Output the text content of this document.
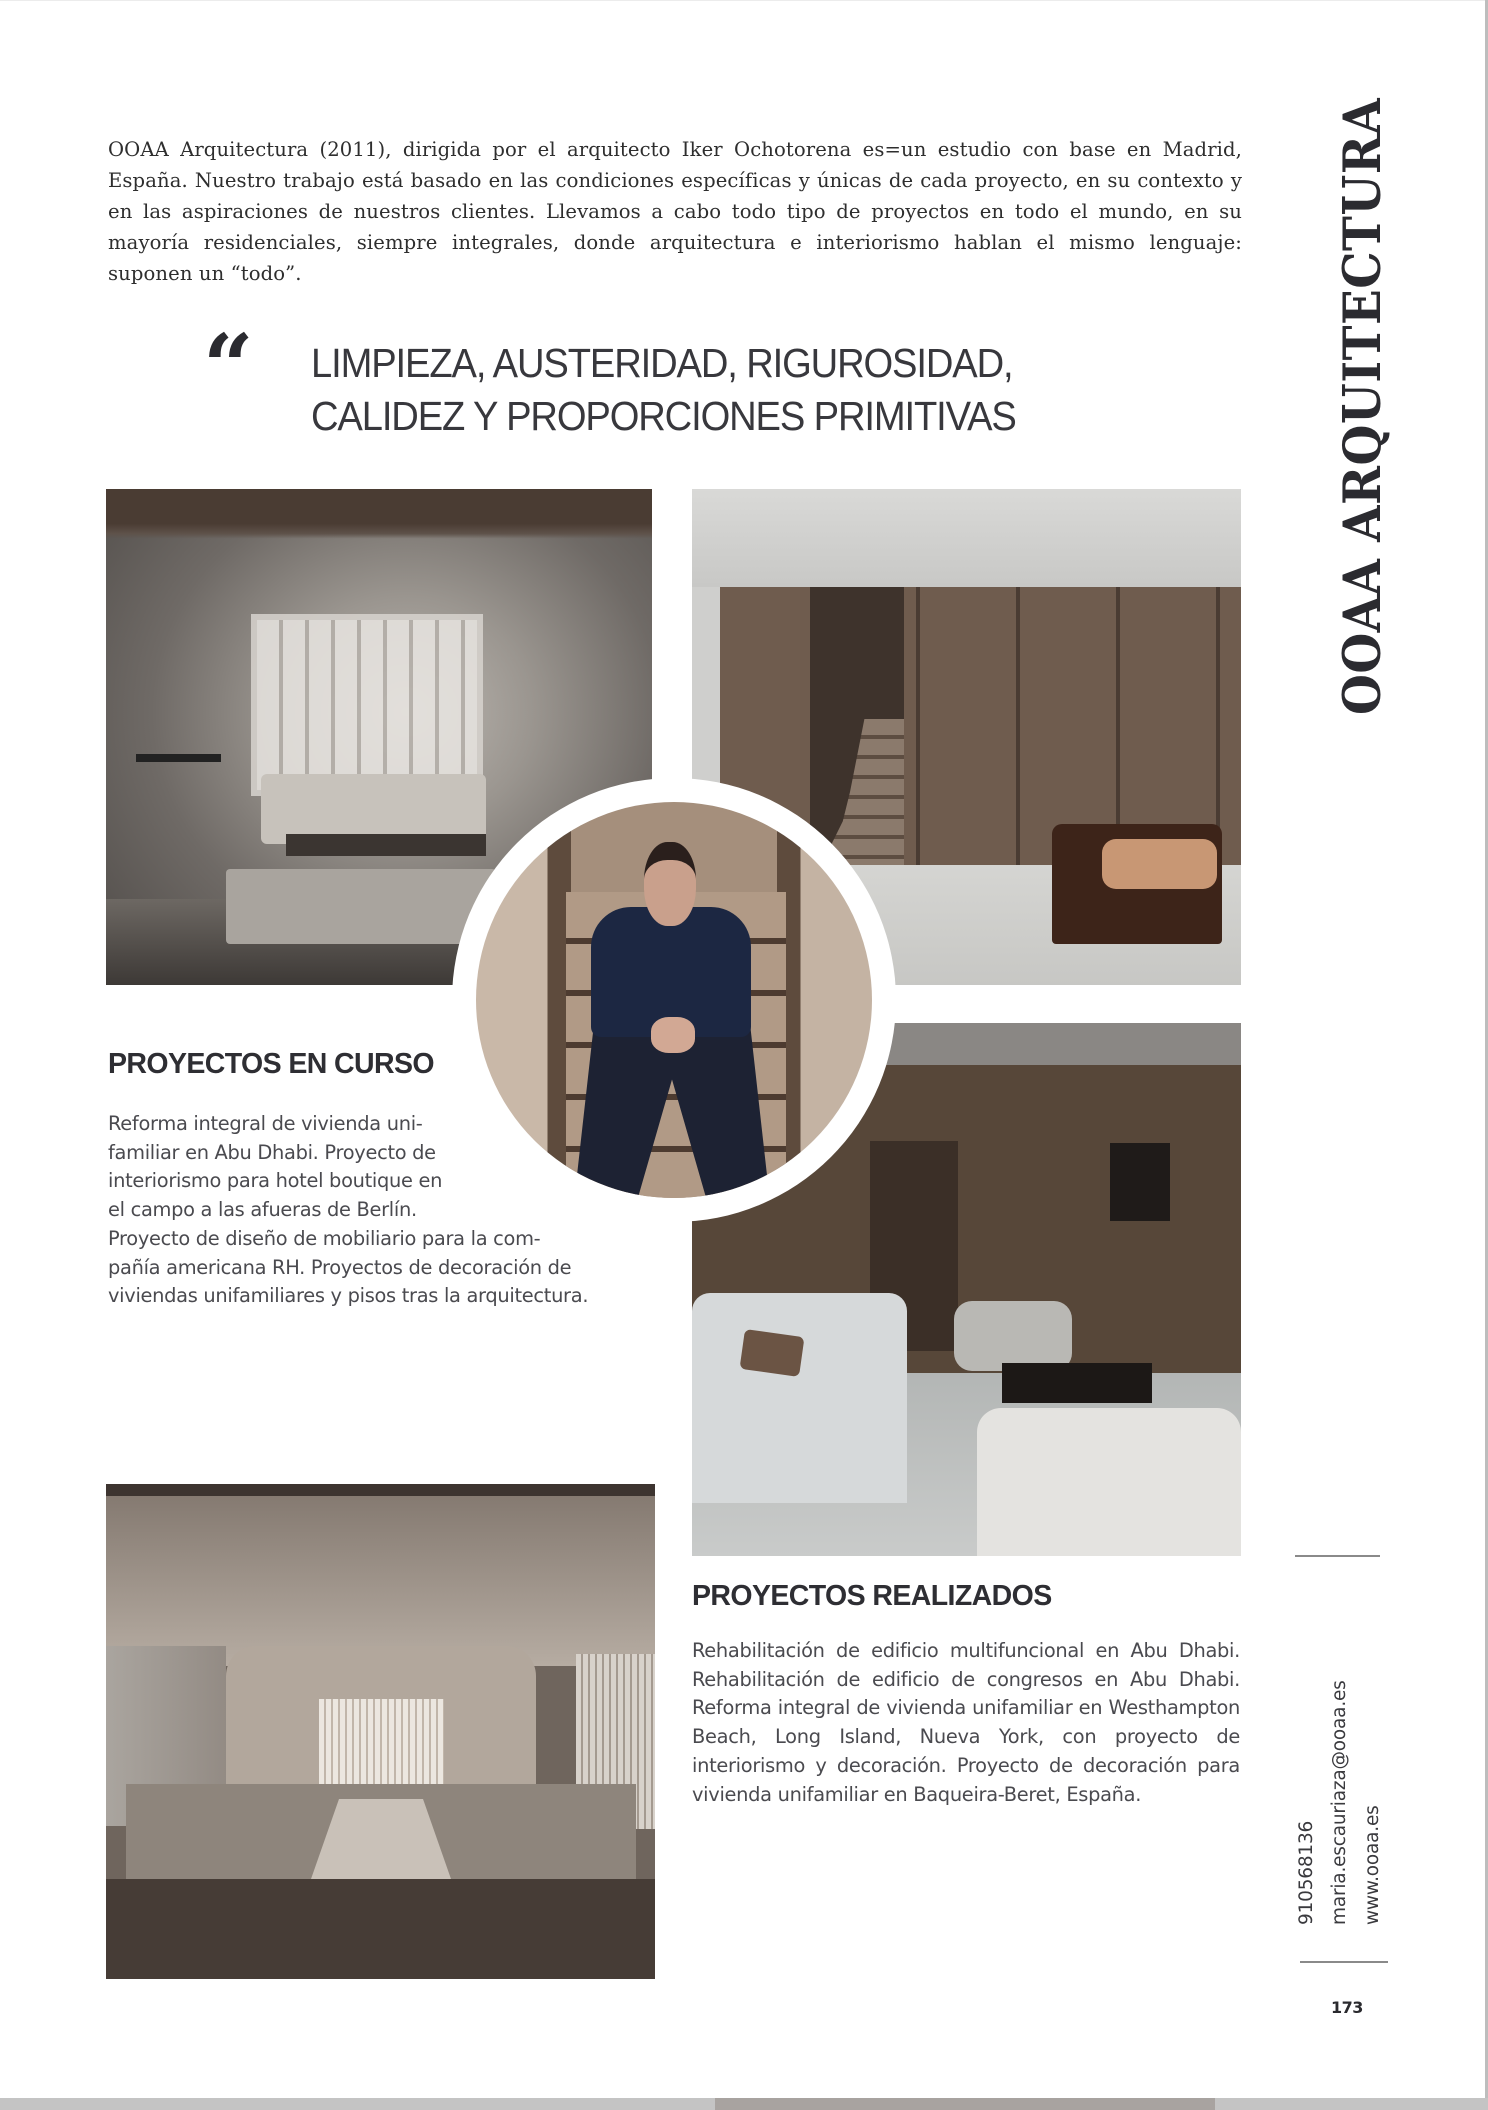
OOAA Arquitectura (2011), dirigida por el arquitecto Iker Ochotorena es=un estudio con base en Madrid, España. Nuestro trabajo está basado en las condiciones específicas y únicas de cada proyecto, en su contexto y en las aspiraciones de nuestros clientes. Llevamos a cabo todo tipo de proyectos en todo el mundo, en su mayoría residenciales, siempre integrales, donde arquitectura e interiorismo hablan el mismo lenguaje: suponen un “todo”.

“ LIMPIEZA, AUSTERIDAD, RIGUROSIDAD,
CALIDEZ Y PROPORCIONES PRIMITIVAS	OOAA ARQUITECTURA
PROYECTOS EN CURSO

Reforma integral de vivienda uni-
familiar en Abu Dhabi. Proyecto de
interiorismo para hotel boutique en
el campo a las afueras de Berlín.
Proyecto de diseño de mobiliario para la com-
pañía americana RH. Proyectos de decoración de
viviendas unifamiliares y pisos tras la arquitectura.

PROYECTOS REALIZADOS

Rehabilitación de edificio multifuncional en Abu Dhabi. Rehabilitación de edificio de congresos en Abu Dhabi. Reforma integral de vivienda unifamiliar en Westhampton Beach, Long Island, Nueva York, con proyecto de interiorismo y decoración. Proyecto de decoración para vivienda unifamiliar en Baqueira-Beret, España.

910568136 maria.escauriaza@ooaa.es www.ooaa.es
173
